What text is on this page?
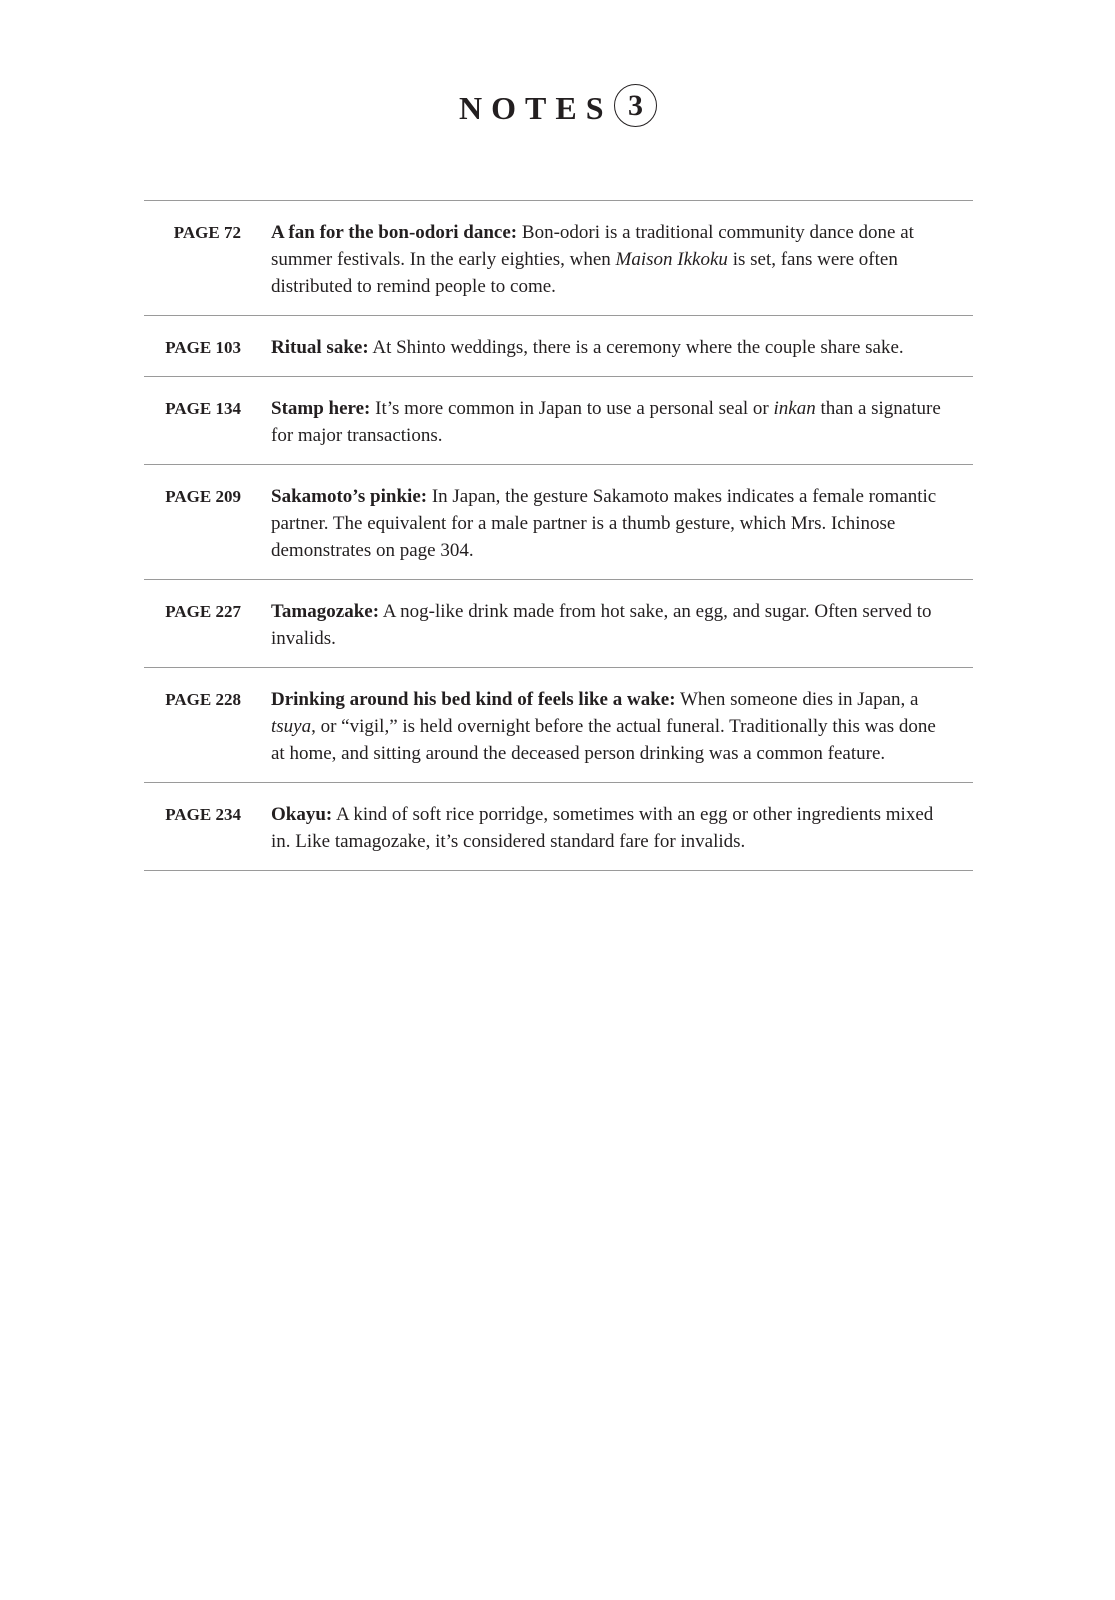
NOTES 3
PAGE 72 A fan for the bon-odori dance: Bon-odori is a traditional community dance done at summer festivals. In the early eighties, when Maison Ikkoku is set, fans were often distributed to remind people to come.
PAGE 103 Ritual sake: At Shinto weddings, there is a ceremony where the couple share sake.
PAGE 134 Stamp here: It’s more common in Japan to use a personal seal or inkan than a signature for major transactions.
PAGE 209 Sakamoto’s pinkie: In Japan, the gesture Sakamoto makes indicates a female romantic partner. The equivalent for a male partner is a thumb gesture, which Mrs. Ichinose demonstrates on page 304.
PAGE 227 Tamagozake: A nog-like drink made from hot sake, an egg, and sugar. Often served to invalids.
PAGE 228 Drinking around his bed kind of feels like a wake: When someone dies in Japan, a tsuya, or “vigil,” is held overnight before the actual funeral. Traditionally this was done at home, and sitting around the deceased person drinking was a common feature.
PAGE 234 Okayu: A kind of soft rice porridge, sometimes with an egg or other ingredients mixed in. Like tamagozake, it’s considered standard fare for invalids.
